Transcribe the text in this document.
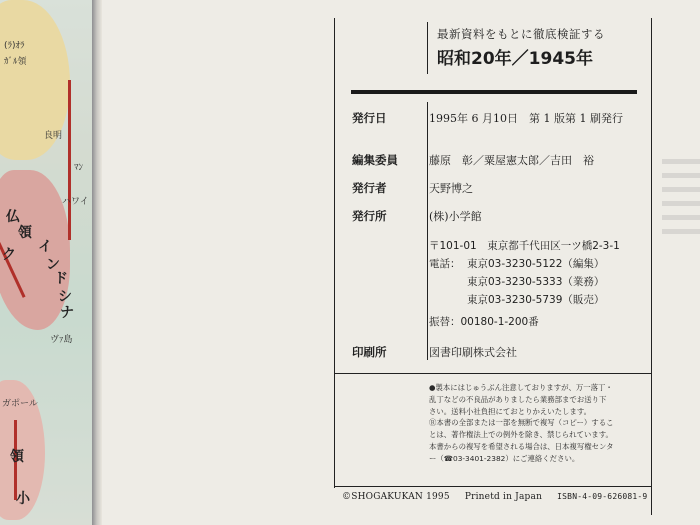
(ﾗ)ｵﾗ
ｶﾞﾙ領
良明
ﾏﾝ
仏
領
イ
ン
ド
シ
ナ
ク
ハワイ
ヴｧ島
ガポール
領
小
最新資料をもとに徹底検証する
昭和20年／1945年
発行日	1995年 6 月10日　第 1 版第 1 刷発行
編集委員	藤原　彰／粟屋憲太郎／吉田　裕
発行者	天野博之
発行所	(株)小学館
〒101-01　東京都千代田区一ツ橋2-3-1
電話： 東京03-3230-5122（編集）
東京03-3230-5333（業務）
東京03-3230-5739（販売）
振替：00180-1-200番
印刷所	図書印刷株式会社

●製本にはじゅうぶん注意しておりますが、万一落丁・

乱丁などの不良品がありましたら業務部までお送り下

さい。送料小社負担にておとりかえいたします。

Ⓡ本書の全部または一部を無断で複写（コピー）するこ

とは、著作権法上での例外を除き、禁じられています。

本書からの複写を希望される場合は、日本複写権センタ

ー（☎03-3401-2382）にご連絡ください。

©SHOGAKUKAN 1995 Prinetd in Japan ISBN-4-09-626081-9
